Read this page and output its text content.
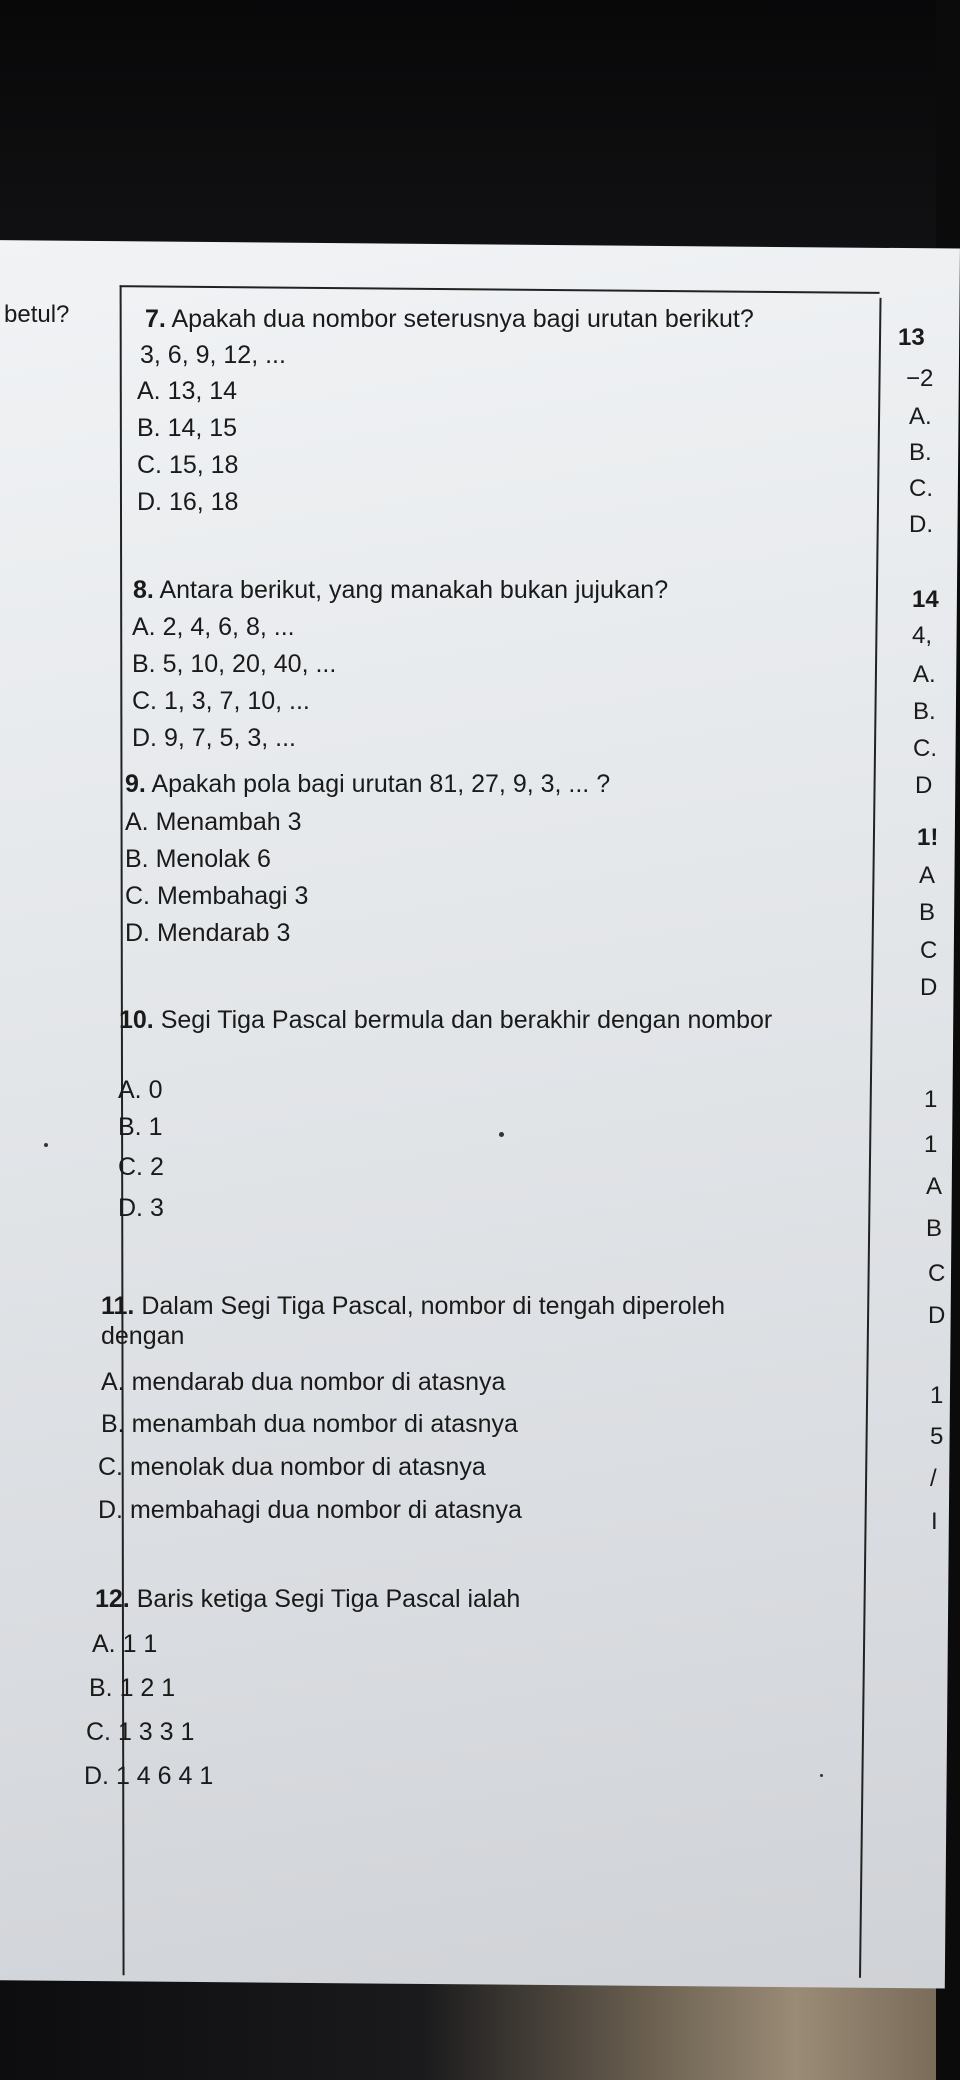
betul?	7. Apakah dua nombor seterusnya bagi urutan berikut?
3, 6, 9, 12, ...
A. 13, 14
B. 14, 15
C. 15, 18
D. 16, 18
8. Antara berikut, yang manakah bukan jujukan?
A. 2, 4, 6, 8, ...
B. 5, 10, 20, 40, ...
C. 1, 3, 7, 10, ...
D. 9, 7, 5, 3, ...
9. Apakah pola bagi urutan 81, 27, 9, 3, ... ?
A. Menambah 3
B. Menolak 6
C. Membahagi 3
D. Mendarab 3
10. Segi Tiga Pascal bermula dan berakhir dengan nombor
A. 0
B. 1
C. 2
D. 3
11. Dalam Segi Tiga Pascal, nombor di tengah diperoleh
dengan
A. mendarab dua nombor di atasnya
B. menambah dua nombor di atasnya
C. menolak dua nombor di atasnya
D. membahagi dua nombor di atasnya
12. Baris ketiga Segi Tiga Pascal ialah
A. 1 1
B. 1 2 1
C. 1 3 3 1
D. 1 4 6 4 1
13
−2
A.
B.
C.
D.
14
4,
A.
B.
C.
D
1!
A
B
C
D
1
1
A
B
C
D
1
5
/
I
